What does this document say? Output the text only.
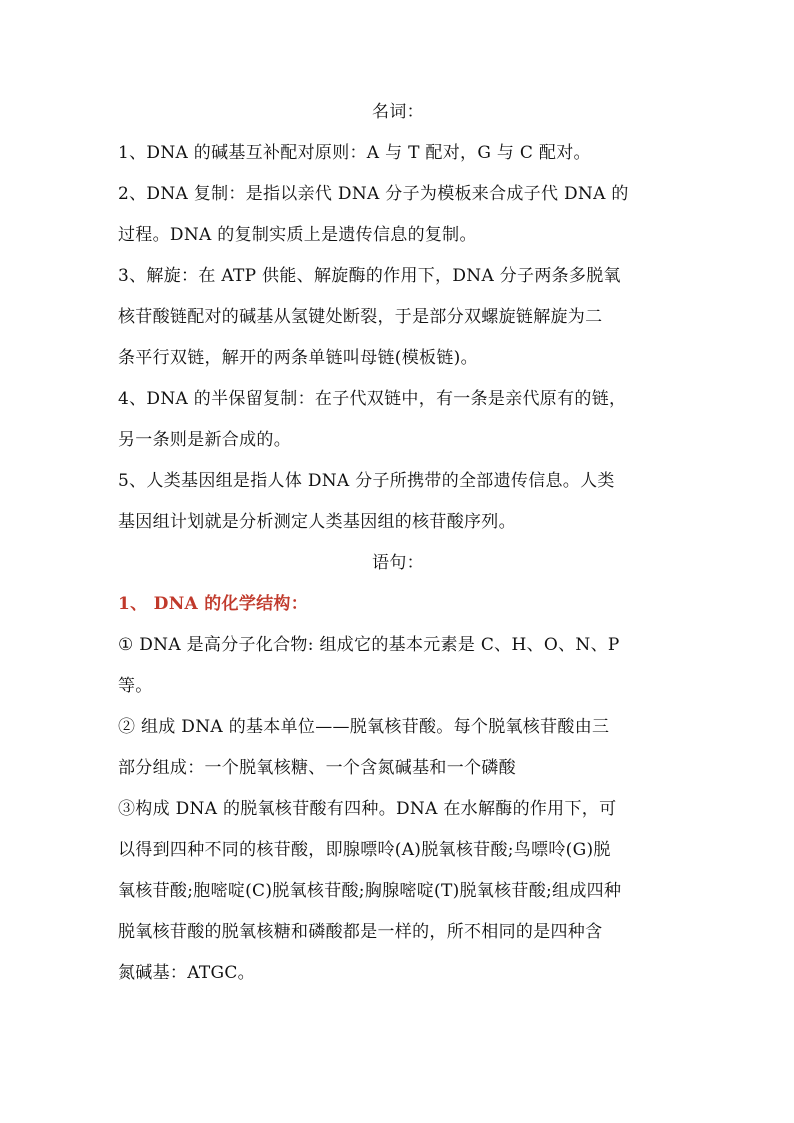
名词：
1、DNA 的碱基互补配对原则：A 与 T 配对，G 与 C 配对。
2、DNA 复制：是指以亲代 DNA 分子为模板来合成子代 DNA 的
过程。DNA 的复制实质上是遗传信息的复制。
3、解旋：在 ATP 供能、解旋酶的作用下，DNA 分子两条多脱氧
核苷酸链配对的碱基从氢键处断裂，于是部分双螺旋链解旋为二
条平行双链，解开的两条单链叫母链(模板链)。
4、DNA 的半保留复制：在子代双链中，有一条是亲代原有的链，
另一条则是新合成的。
5、人类基因组是指人体 DNA 分子所携带的全部遗传信息。人类
基因组计划就是分析测定人类基因组的核苷酸序列。
语句：
1、 DNA 的化学结构：
① DNA 是高分子化合物: 组成它的基本元素是 C、H、O、N、P
等。
② 组成 DNA 的基本单位——脱氧核苷酸。每个脱氧核苷酸由三
部分组成：一个脱氧核糖、一个含氮碱基和一个磷酸
③构成 DNA 的脱氧核苷酸有四种。DNA 在水解酶的作用下，可
以得到四种不同的核苷酸，即腺嘌呤(A)脱氧核苷酸;鸟嘌呤(G)脱
氧核苷酸;胞嘧啶(C)脱氧核苷酸;胸腺嘧啶(T)脱氧核苷酸;组成四种
脱氧核苷酸的脱氧核糖和磷酸都是一样的，所不相同的是四种含
氮碱基：ATGC。
